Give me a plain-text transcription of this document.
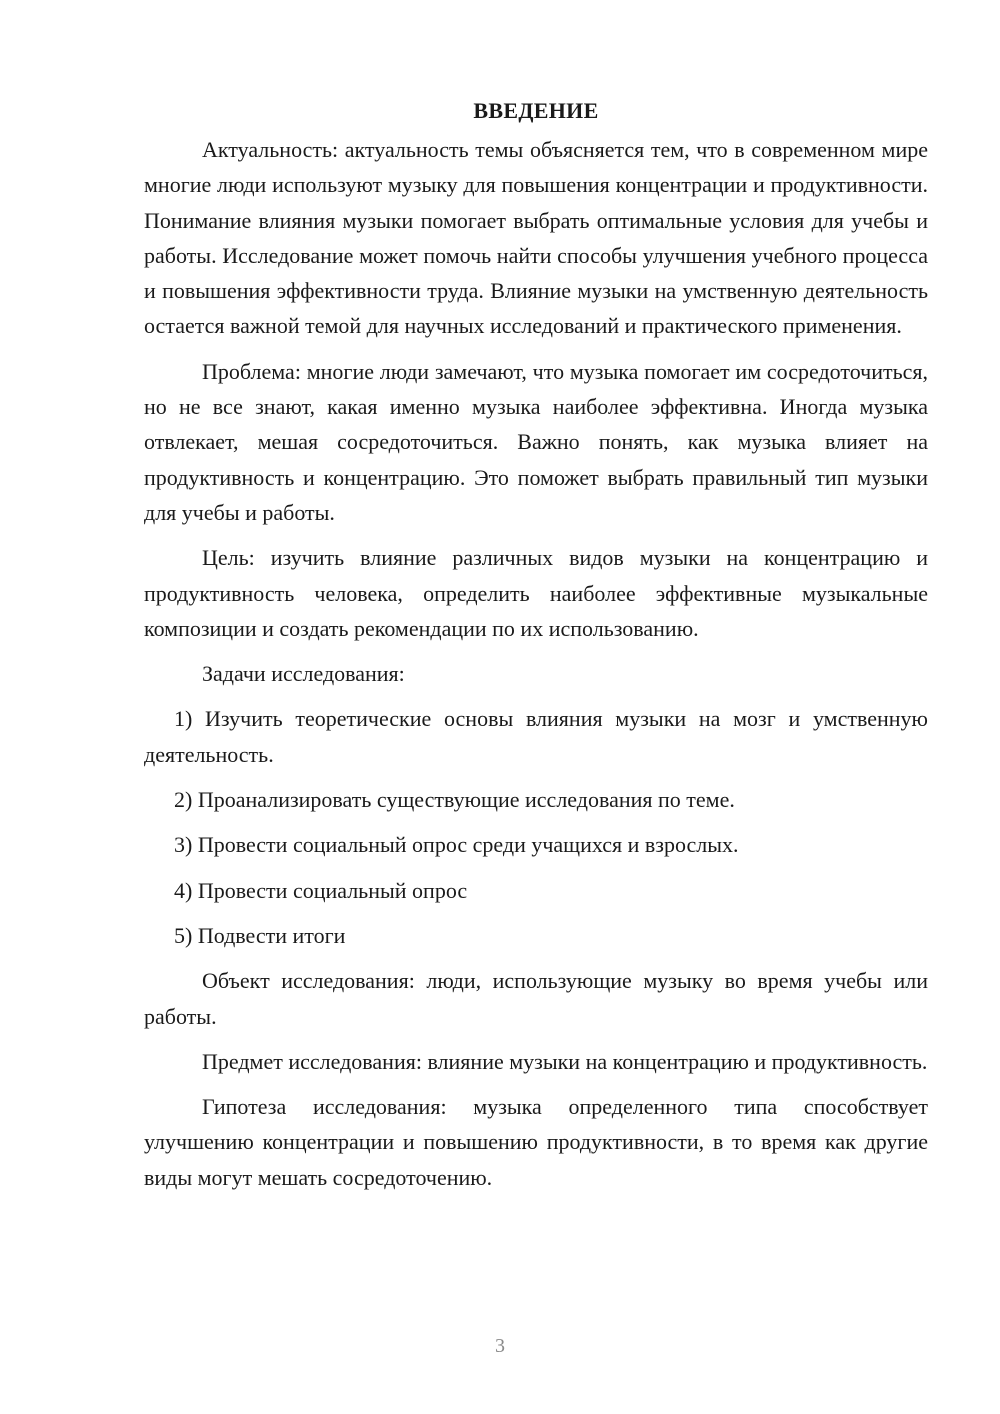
ВВЕДЕНИЕ

Актуальность: актуальность темы объясняется тем, что в современном мире многие люди используют музыку для повышения концентрации и продуктивности. Понимание влияния музыки помогает выбрать оптимальные условия для учебы и работы. Исследование может помочь найти способы улучшения учебного процесса и повышения эффективности труда. Влияние музыки на умственную деятельность остается важной темой для научных исследований и практического применения.

Проблема: многие люди замечают, что музыка помогает им сосредоточиться, но не все знают, какая именно музыка наиболее эффективна. Иногда музыка отвлекает, мешая сосредоточиться. Важно понять, как музыка влияет на продуктивность и концентрацию. Это поможет выбрать правильный тип музыки для учебы и работы.

Цель: изучить влияние различных видов музыки на концентрацию и продуктивность человека, определить наиболее эффективные музыкальные композиции и создать рекомендации по их использованию.

Задачи исследования:

1) Изучить теоретические основы влияния музыки на мозг и умственную деятельность.

2) Проанализировать существующие исследования по теме.

3) Провести социальный опрос среди учащихся и взрослых.

4) Провести социальный опрос

5) Подвести итоги

Объект исследования: люди, использующие музыку во время учебы или работы.

Предмет исследования: влияние музыки на концентрацию и продуктивность.

Гипотеза исследования: музыка определенного типа способствует улучшению концентрации и повышению продуктивности, в то время как другие виды могут мешать сосредоточению.

3
